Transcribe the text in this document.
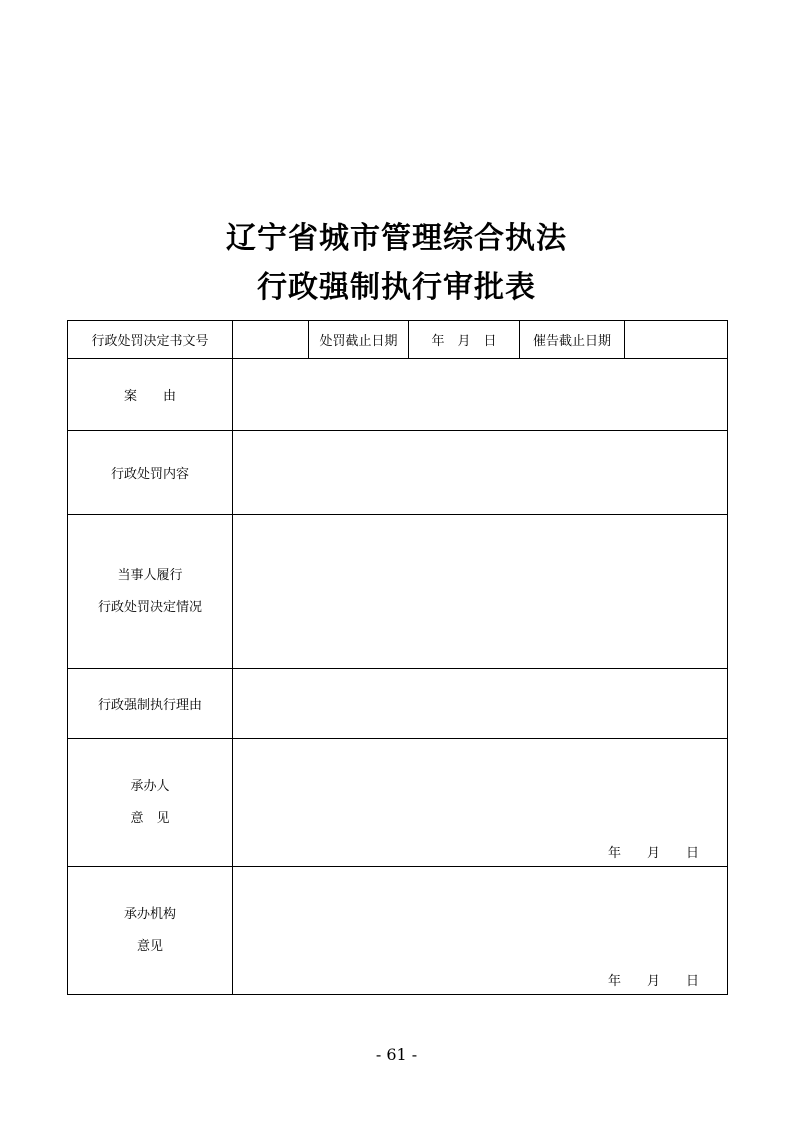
辽宁省城市管理综合执法
行政强制执行审批表
行政处罚决定书文号		处罚截止日期	年　月　日	催告截止日期	
案　　由					
行政处罚内容					

当事人履行
行政处罚决定情况					

行政强制执行理由					

承办人
意　见	年　　月　　日				

承办机构
意见	年　　月　　日				
- 61 -
